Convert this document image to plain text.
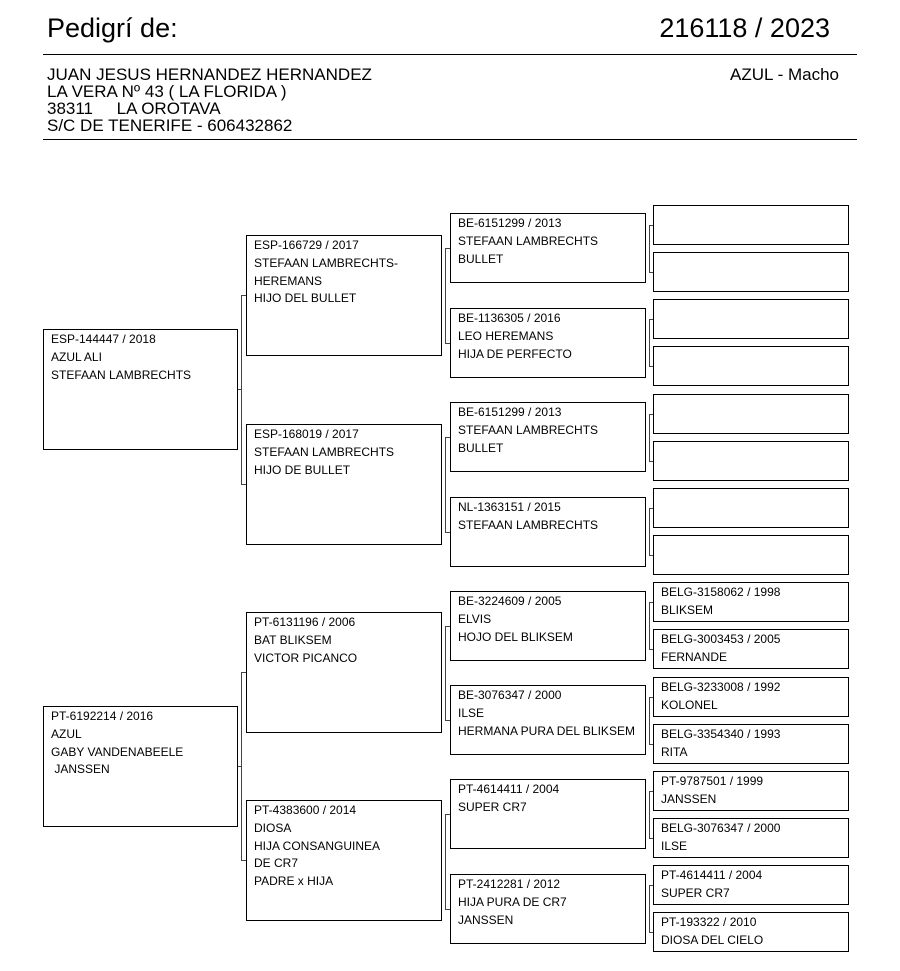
Pedigrí de:	216118 / 2023
JUAN JESUS HERNANDEZ HERNANDEZ
LA VERA Nº 43 ( LA FLORIDA )
38311     LA OROTAVA
S/C DE TENERIFE - 606432862
AZUL - Macho
ESP-144447 / 2018
AZUL ALI
STEFAAN LAMBRECHTS
PT-6192214 / 2016
AZUL
GABY VANDENABEELE
JANSSEN
ESP-166729 / 2017
STEFAAN LAMBRECHTS-
HEREMANS
HIJO DEL BULLET
ESP-168019 / 2017
STEFAAN LAMBRECHTS
HIJO DE BULLET
PT-6131196 / 2006
BAT BLIKSEM
VICTOR PICANCO
PT-4383600 / 2014
DIOSA
HIJA CONSANGUINEA
DE CR7
PADRE x HIJA
BE-6151299 / 2013
STEFAAN LAMBRECHTS
BULLET
BE-1136305 / 2016
LEO HEREMANS
HIJA DE PERFECTO
BE-6151299 / 2013
STEFAAN LAMBRECHTS
BULLET
NL-1363151 / 2015
STEFAAN LAMBRECHTS
BE-3224609 / 2005
ELVIS
HOJO DEL BLIKSEM
BE-3076347 / 2000
ILSE
HERMANA PURA DEL BLIKSEM
PT-4614411 / 2004
SUPER CR7
PT-2412281 / 2012
HIJA PURA DE CR7
JANSSEN
BELG-3158062 / 1998
BLIKSEM
BELG-3003453 / 2005
FERNANDE
BELG-3233008 / 1992
KOLONEL
BELG-3354340 / 1993
RITA
PT-9787501 / 1999
JANSSEN
BELG-3076347 / 2000
ILSE
PT-4614411 / 2004
SUPER CR7
PT-193322 / 2010
DIOSA DEL CIELO
